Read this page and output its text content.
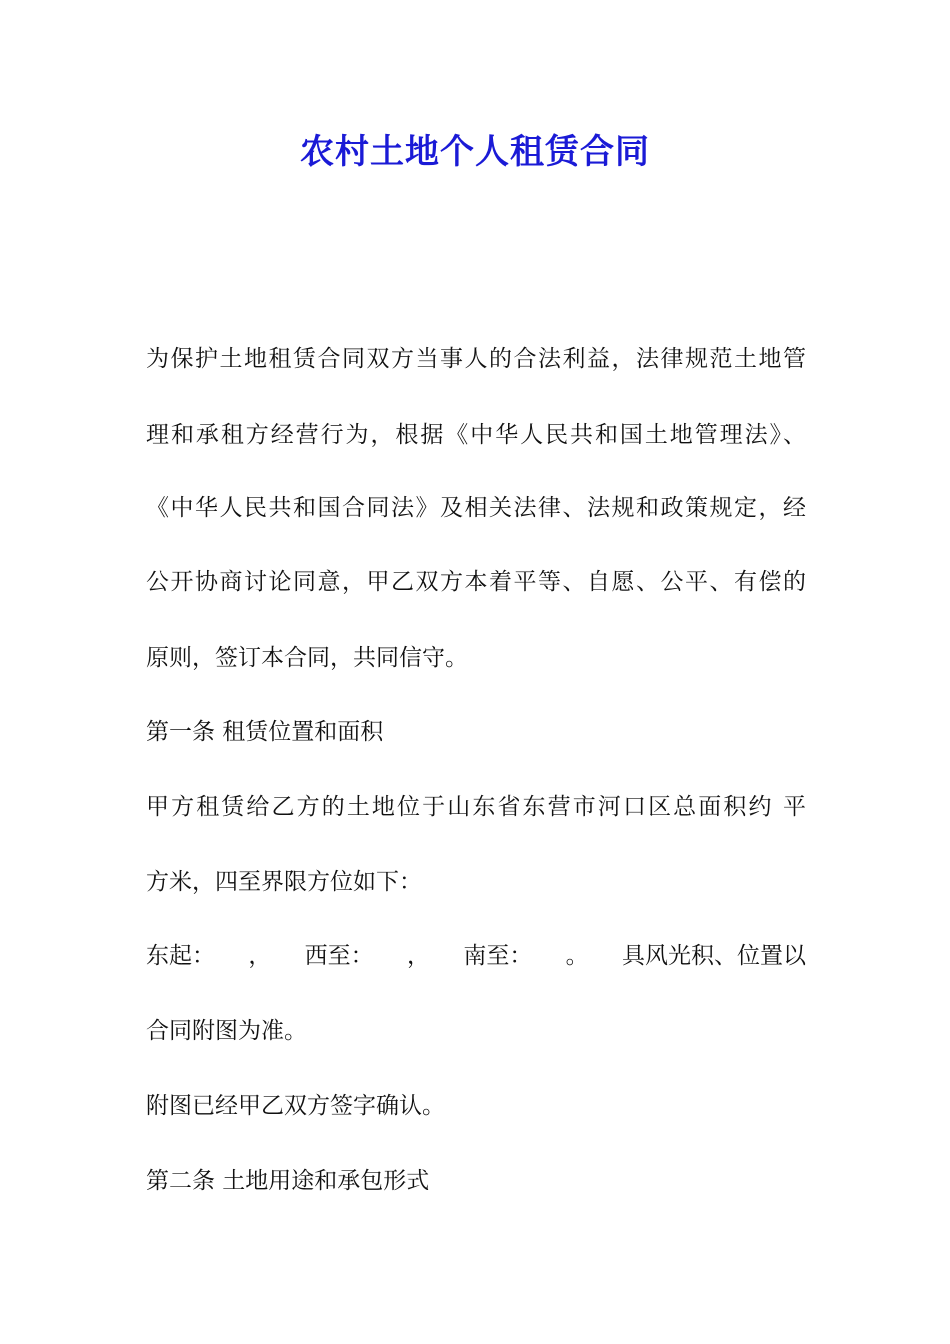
农村土地个人租赁合同
为保护土地租赁合同双方当事人的合法利益，法律规范土地管
理和承租方经营行为，根据《中华人民共和国土地管理法》、
《中华人民共和国合同法》及相关法律、法规和政策规定，经
公开协商讨论同意，甲乙双方本着平等、自愿、公平、有偿的
原则，签订本合同，共同信守。
第一条 租赁位置和面积
甲方租赁给乙方的土地位于山东省东营市河口区总面积约 平
方米，四至界限方位如下：
东起： ， 西至： ， 南至： 。 具风光积、位置以
合同附图为准。
附图已经甲乙双方签字确认。
第二条 土地用途和承包形式
